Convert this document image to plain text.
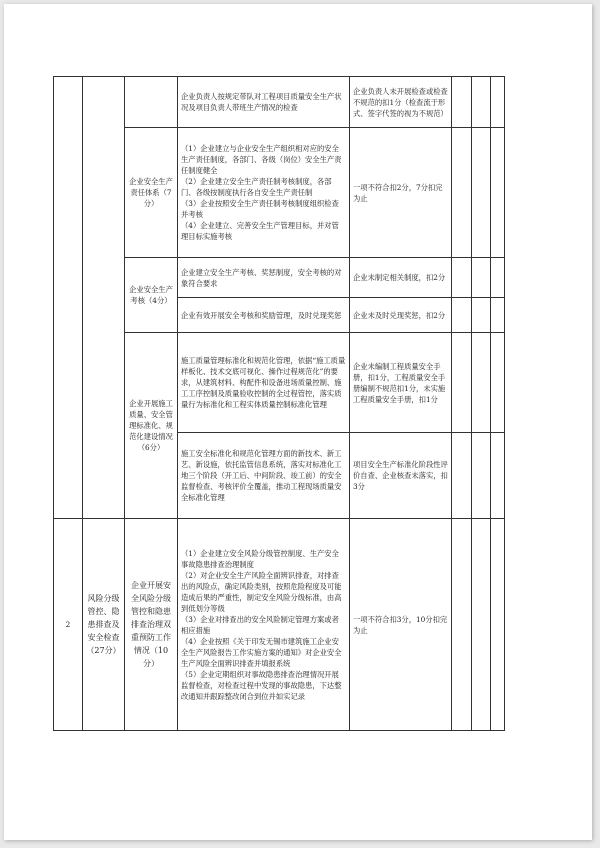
			企业负责人按规定带队对工程项目质量安全生产状况及项目负责人带班生产情况的检查	企业负责人未开展检查或检查不规范的扣1分（检查流于形式、签字代签的视为不规范）			
		企业安全生产责任体系（7分）	（1）企业建立与企业安全生产组织相对应的安全生产责任制度，各部门、各级（岗位）安全生产责任制度健全
（2）企业建立安全生产责任制考核制度，各部门、各级按制度执行各自安全生产责任制
（3）企业按照安全生产责任制考核制度组织检查并考核
（4）企业建立、完善安全生产管理目标，并对管理目标实施考核	一项不符合扣2分，7分扣完为止			
		企业安全生产考核（4分）	企业建立安全生产考核、奖惩制度，安全考核的对象符合要求	企业未制定相关制度，扣2分			
			企业有效开展安全考核和奖励管理，及时兑现奖惩	企业未及时兑现奖惩，扣2分			
		企业开展施工质量、安全管理标准化、规范化建设情况（6分）	施工质量管理标准化和规范化管理，依据“施工质量样板化、技术交底可视化、操作过程规范化”的要求，从建筑材料、构配件和设备进场质量控制、施工工序控制及质量验收控制的全过程管控，落实质量行为标准化和工程实体质量控制标准化管理	企业未编制工程质量安全手册，扣1分，工程质量安全手册编制不规范扣1分，未实施工程质量安全手册，扣1分			
			施工安全标准化和规范化管理方面的新技术、新工艺、新设施，依托监管信息系统，落实对标准化工地三个阶段（开工后、中间阶段、竣工前）的安全监督检查、考核评价全覆盖，推动工程现场质量安全标准化管理	项目安全生产标准化阶段性评价自查、企业核查未落实，扣3分			
2	风险分级管控、隐患排查及安全检查（27分）	企业开展安全风险分级管控和隐患排查治理双重预防工作情况（10分）	（1）企业建立安全风险分级管控制度、生产安全事故隐患排查治理制度
（2）对企业安全生产风险全面辨识排查，对排查出的风险点，确定风险类别，按照危险程度及可能造成后果的严重性，制定安全风险分级标准，由高到低划分等级
（3）企业对排查出的安全风险制定管理方案或者相应措施
（4）企业按照《关于印发无锡市建筑施工企业安全生产风险报告工作实施方案的通知》对企业安全生产风险全面辨识排查并填报系统
（5）企业定期组织对事故隐患排查治理情况开展监督检查，对检查过程中发现的事故隐患，下达整改通知并跟踪整改闭合到位并如实记录	一项不符合扣3分，10分扣完为止			
